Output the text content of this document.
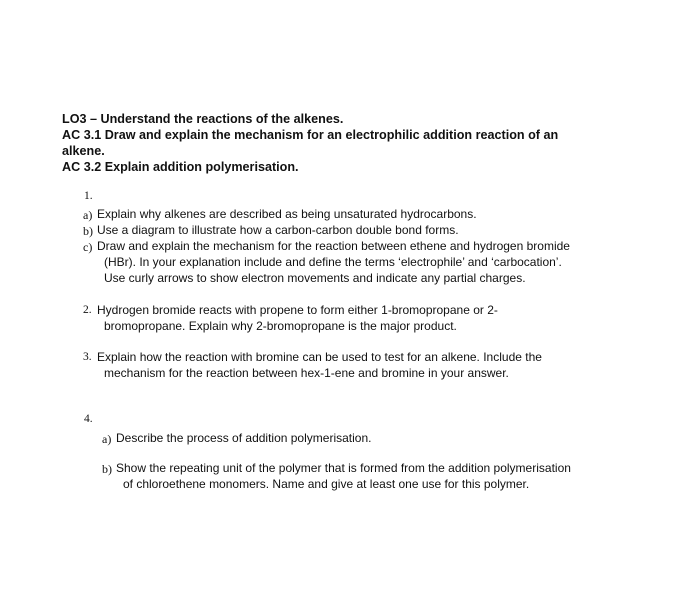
LO3 – Understand the reactions of the alkenes.
AC 3.1 Draw and explain the mechanism for an electrophilic addition reaction of an
alkene.
AC 3.2 Explain addition polymerisation.
1.
a) Explain why alkenes are described as being unsaturated hydrocarbons.
b) Use a diagram to illustrate how a carbon-carbon double bond forms.
c) Draw and explain the mechanism for the reaction between ethene and hydrogen bromide
(HBr). In your explanation include and define the terms ‘electrophile’ and ‘carbocation’.
Use curly arrows to show electron movements and indicate any partial charges.
2. Hydrogen bromide reacts with propene to form either 1-bromopropane or 2-
bromopropane. Explain why 2-bromopropane is the major product.
3. Explain how the reaction with bromine can be used to test for an alkene. Include the
mechanism for the reaction between hex-1-ene and bromine in your answer.
4.
a) Describe the process of addition polymerisation.
b) Show the repeating unit of the polymer that is formed from the addition polymerisation
of chloroethene monomers. Name and give at least one use for this polymer.
